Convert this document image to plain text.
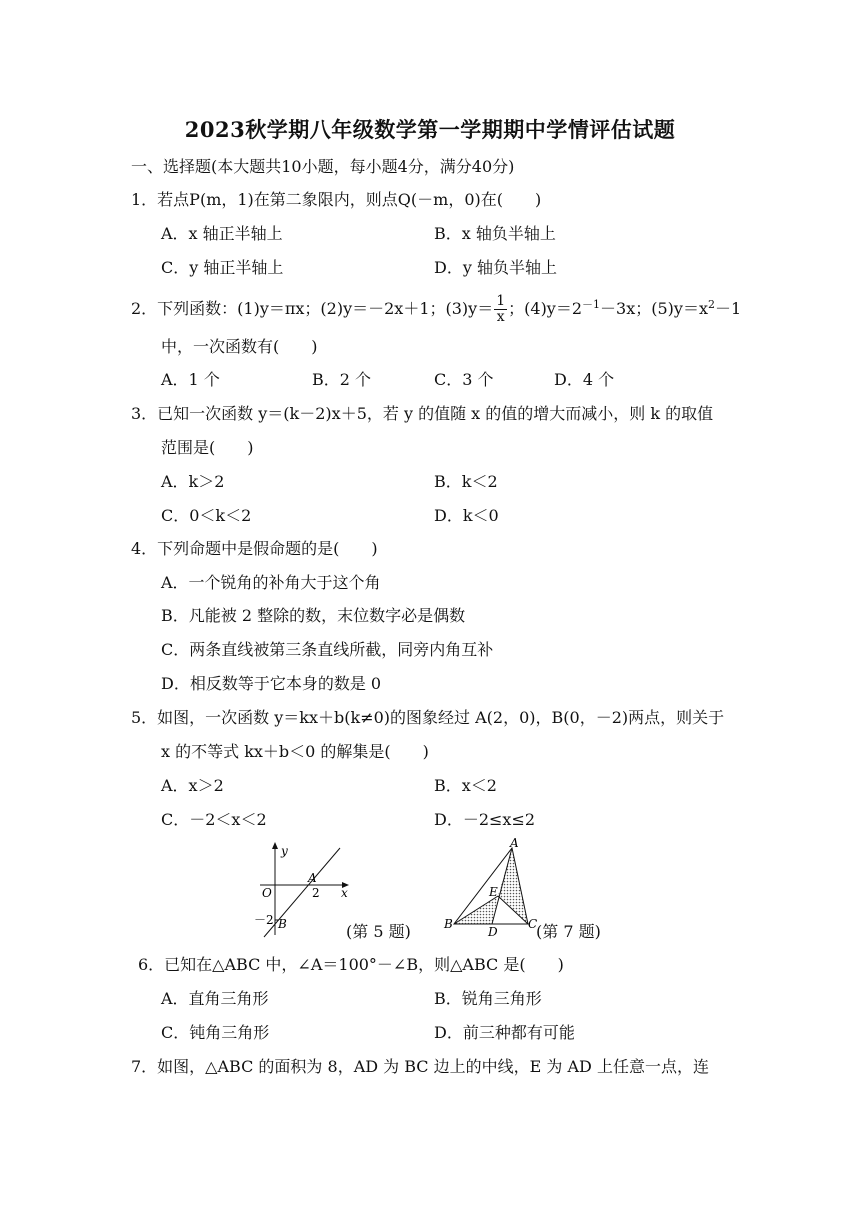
2023秋学期八年级数学第一学期期中学情评估试题
一、选择题(本大题共10小题，每小题4分，满分40分)
1．若点P(m，1)在第二象限内，则点Q(－m，0)在(　　)
A．x 轴正半轴上	B．x 轴负半轴上
C．y 轴正半轴上	D．y 轴负半轴上
2．下列函数：(1)y＝πx；(2)y＝－2x＋1；$(3)y= \frac{1}{x}$ ；$(4)y=2^{-1}-3x$；$(5)y=x^2-1$
中，一次函数有(　　)
A．1 个	B．2 个	C．3 个	D．4 个
3．已知一次函数 y＝(k－2)x＋5，若 y 的值随 x 的值的增大而减小，则 k 的取值
范围是(　　)
A．k＞2	B．k＜2
C．0＜k＜2	D．k＜0
4．下列命题中是假命题的是(　　)
A．一个锐角的补角大于这个角
B．凡能被 2 整除的数，末位数字必是偶数
C．两条直线被第三条直线所截，同旁内角互补
D．相反数等于它本身的数是 0
5．如图，一次函数 y＝kx＋b(k≠0)的图象经过 A(2，0)，B(0，－2)两点，则关于
x 的不等式 kx＋b＜0 的解集是(　　)
A．x＞2	B．x＜2
C．－2＜x＜2	D．－2≤x≤2
y
x
O
A
2
－2 B	(第 5 题)
A
B	C
D
E
(第 7 题)
6．已知在△ABC 中，∠A＝100°－∠B，则△ABC 是(　　)
A．直角三角形	B．锐角三角形
C．钝角三角形	D．前三种都有可能
7．如图，△ABC 的面积为 8，AD 为 BC 边上的中线，E 为 AD 上任意一点，连
